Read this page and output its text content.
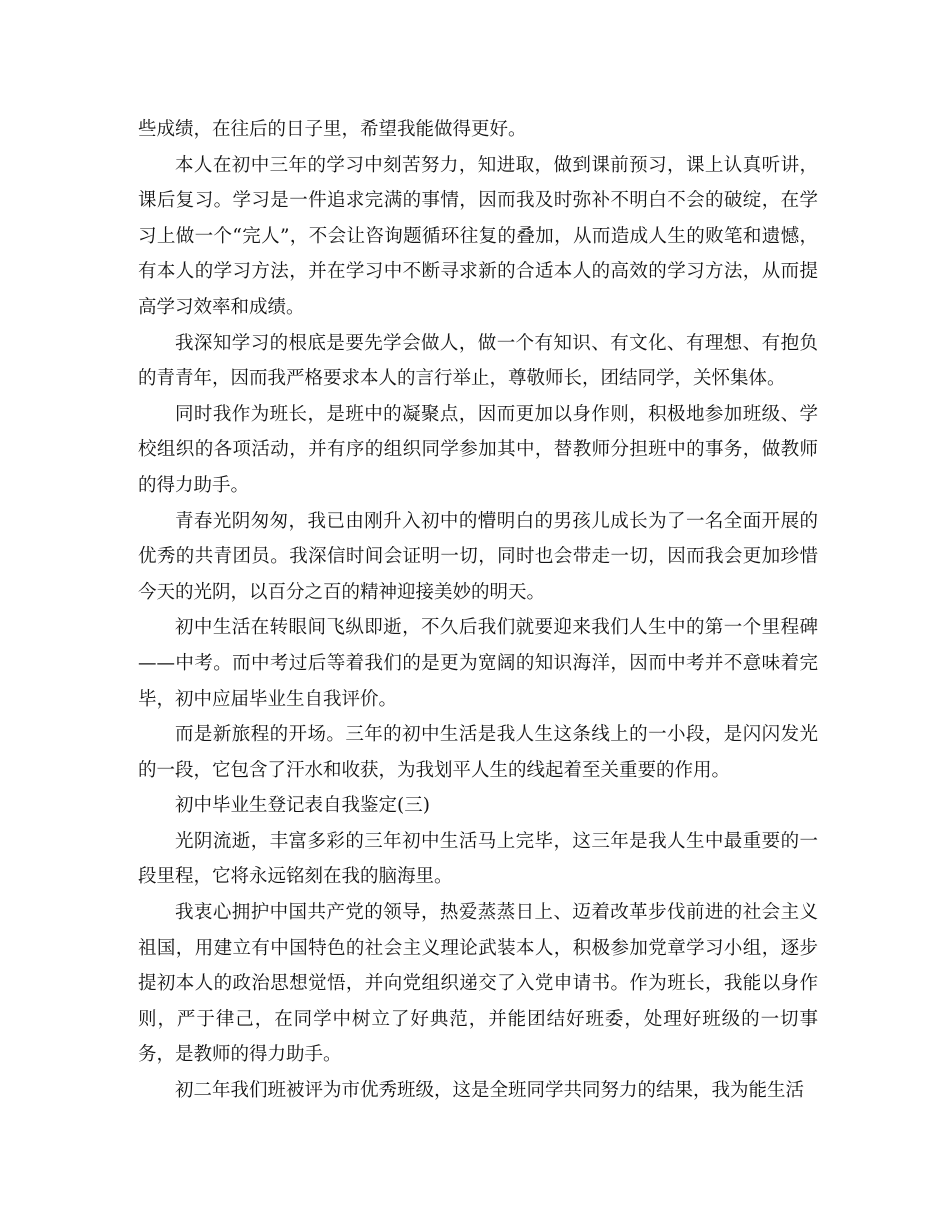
些成绩，在往后的日子里，希望我能做得更好。

本人在初中三年的学习中刻苦努力，知进取，做到课前预习，课上认真听讲，课后复习。学习是一件追求完满的事情，因而我及时弥补不明白不会的破绽，在学习上做一个“完人”，不会让咨询题循环往复的叠加，从而造成人生的败笔和遗憾，有本人的学习方法，并在学习中不断寻求新的合适本人的高效的学习方法，从而提高学习效率和成绩。

我深知学习的根底是要先学会做人，做一个有知识、有文化、有理想、有抱负的青青年，因而我严格要求本人的言行举止，尊敬师长，团结同学，关怀集体。

同时我作为班长，是班中的凝聚点，因而更加以身作则，积极地参加班级、学校组织的各项活动，并有序的组织同学参加其中，替教师分担班中的事务，做教师的得力助手。

青春光阴匆匆，我已由刚升入初中的懵明白的男孩儿成长为了一名全面开展的优秀的共青团员。我深信时间会证明一切，同时也会带走一切，因而我会更加珍惜今天的光阴，以百分之百的精神迎接美妙的明天。

初中生活在转眼间飞纵即逝，不久后我们就要迎来我们人生中的第一个里程碑——中考。而中考过后等着我们的是更为宽阔的知识海洋，因而中考并不意味着完毕，初中应届毕业生自我评价。

而是新旅程的开场。三年的初中生活是我人生这条线上的一小段，是闪闪发光的一段，它包含了汗水和收获，为我划平人生的线起着至关重要的作用。

初中毕业生登记表自我鉴定(三)

光阴流逝，丰富多彩的三年初中生活马上完毕，这三年是我人生中最重要的一段里程，它将永远铭刻在我的脑海里。

我衷心拥护中国共产党的领导，热爱蒸蒸日上、迈着改革步伐前进的社会主义祖国，用建立有中国特色的社会主义理论武装本人，积极参加党章学习小组，逐步提初本人的政治思想觉悟，并向党组织递交了入党申请书。作为班长，我能以身作则，严于律己，在同学中树立了好典范，并能团结好班委，处理好班级的一切事务，是教师的得力助手。

初二年我们班被评为市优秀班级，这是全班同学共同努力的结果，我为能生活
